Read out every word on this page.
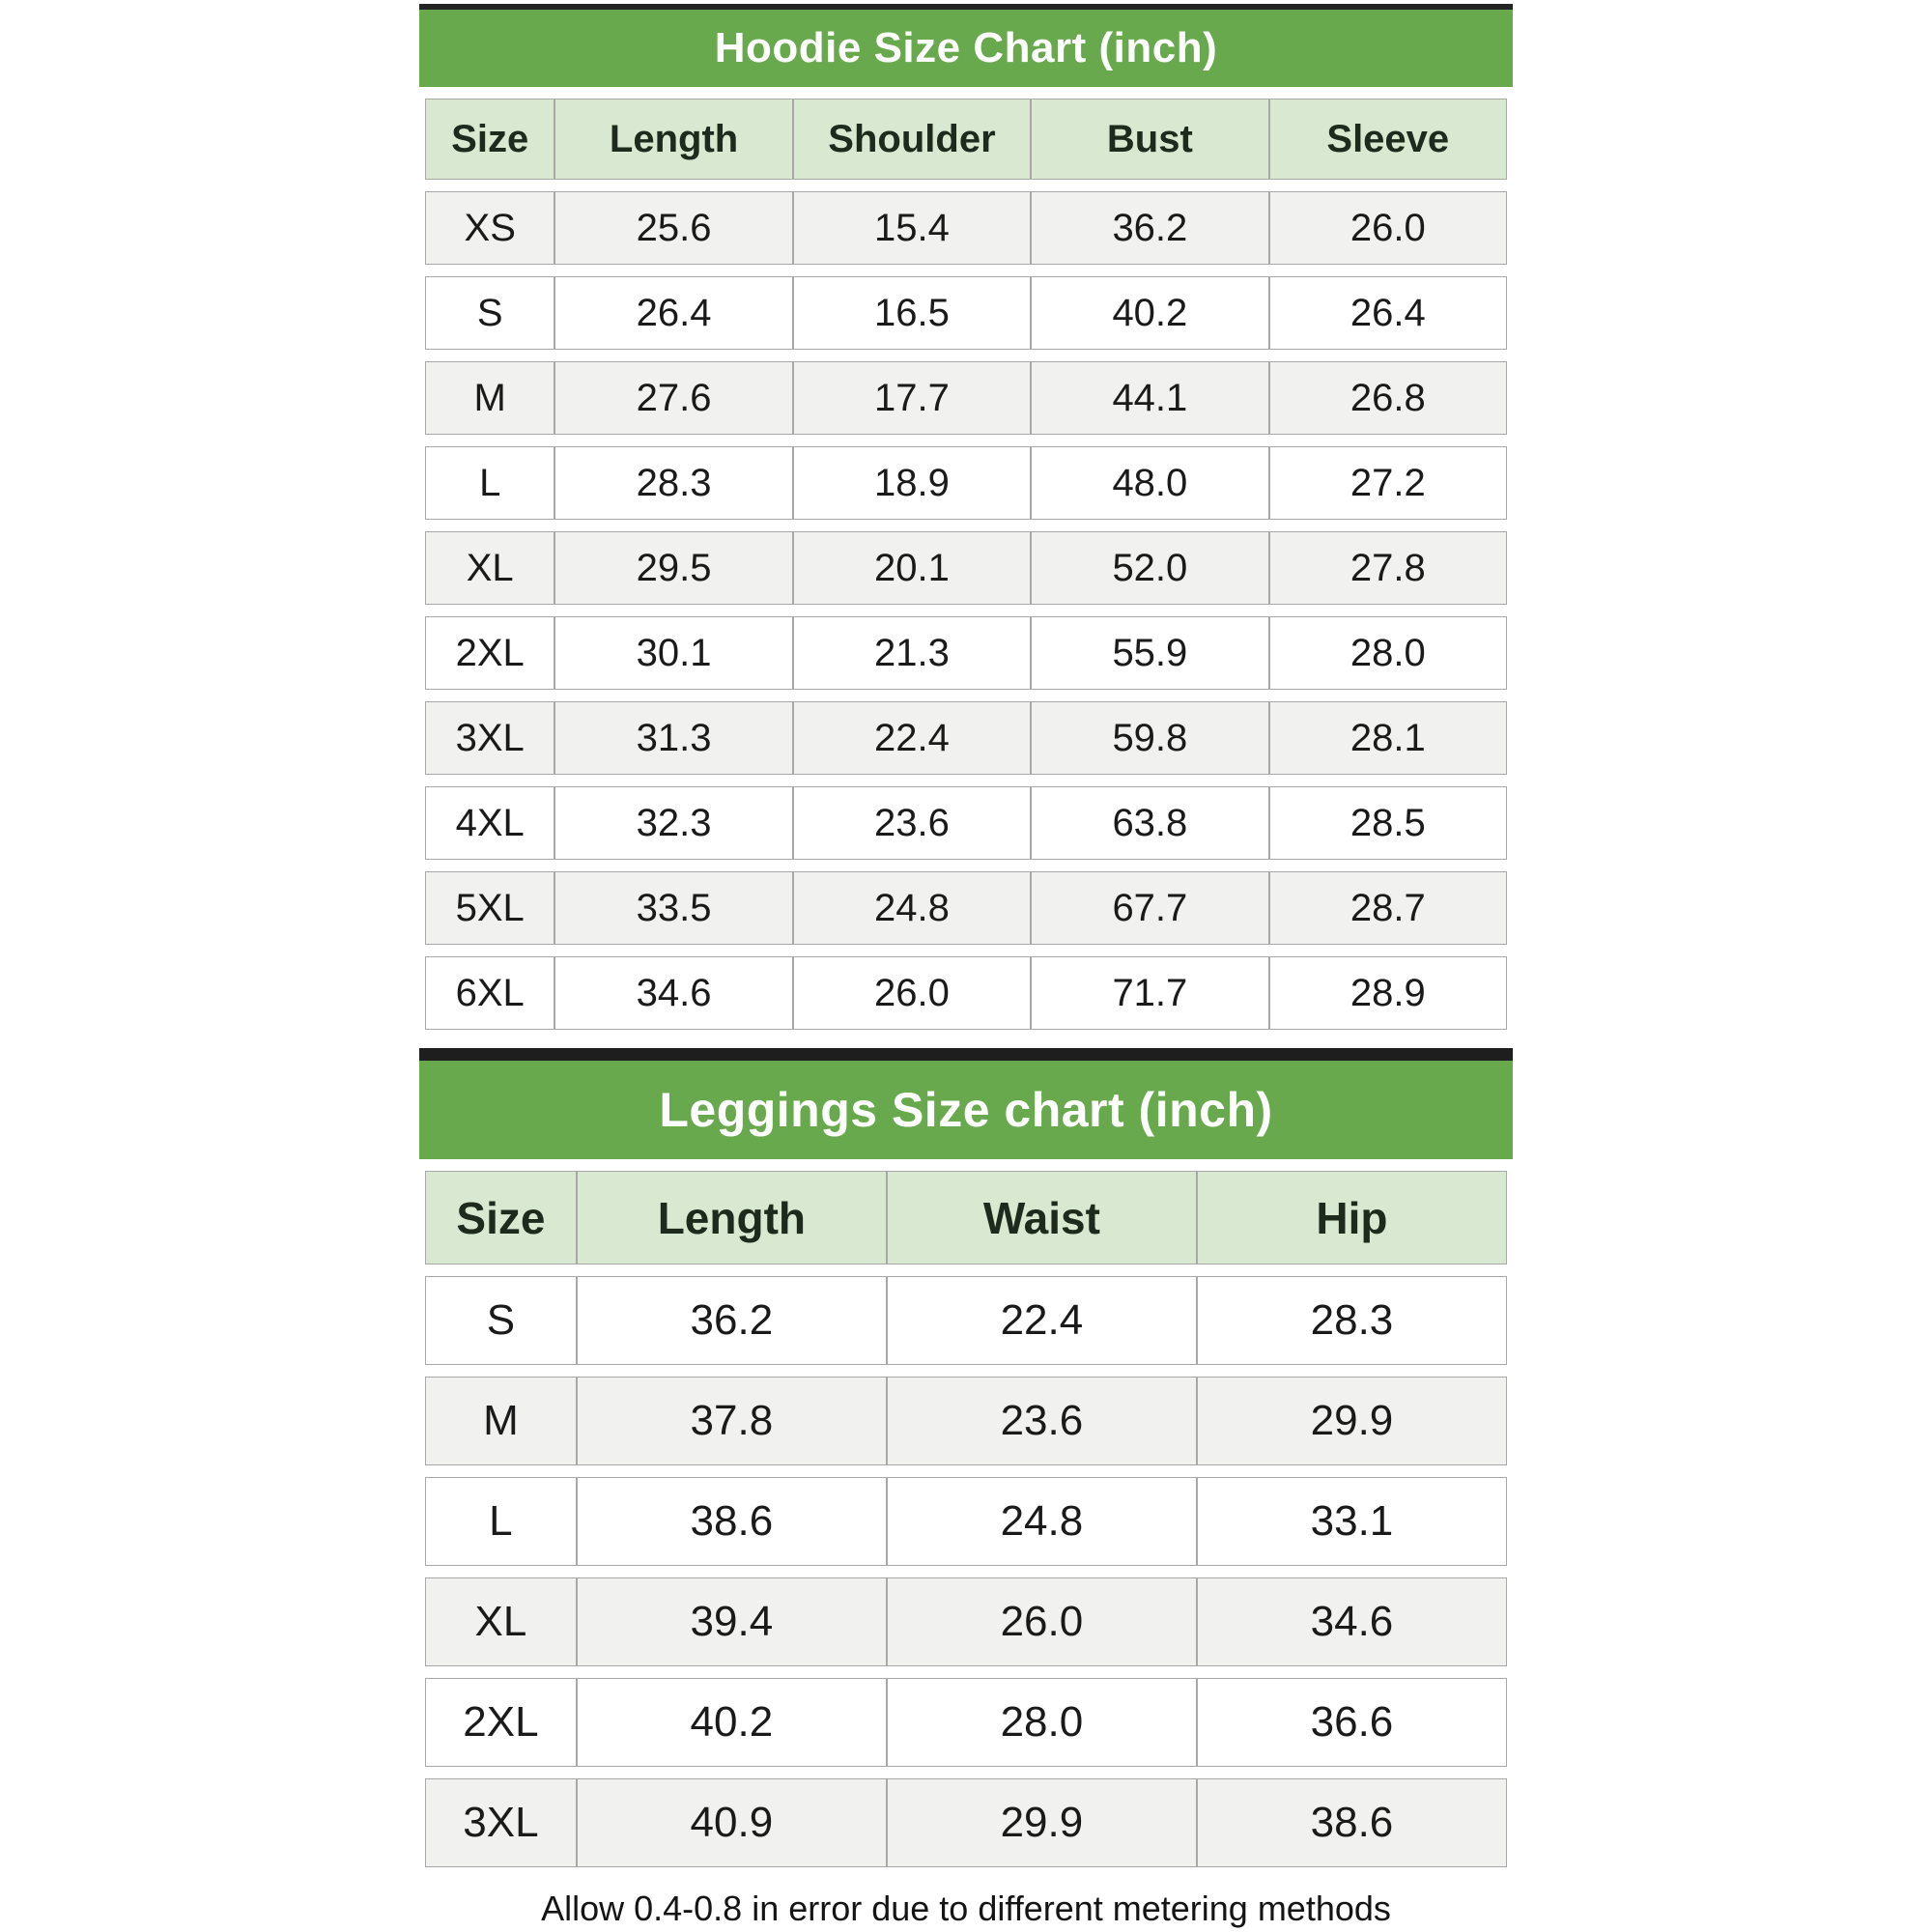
Hoodie Size Chart (inch)
Size	Length	Shoulder	Bust	Sleeve
XS	25.6	15.4	36.2	26.0
S	26.4	16.5	40.2	26.4
M	27.6	17.7	44.1	26.8
L	28.3	18.9	48.0	27.2
XL	29.5	20.1	52.0	27.8
2XL	30.1	21.3	55.9	28.0
3XL	31.3	22.4	59.8	28.1
4XL	32.3	23.6	63.8	28.5
5XL	33.5	24.8	67.7	28.7
6XL	34.6	26.0	71.7	28.9
Leggings Size chart (inch)
Size	Length	Waist	Hip
S	36.2	22.4	28.3
M	37.8	23.6	29.9
L	38.6	24.8	33.1
XL	39.4	26.0	34.6
2XL	40.2	28.0	36.6
3XL	40.9	29.9	38.6
Allow 0.4-0.8 in error due to different metering methods
